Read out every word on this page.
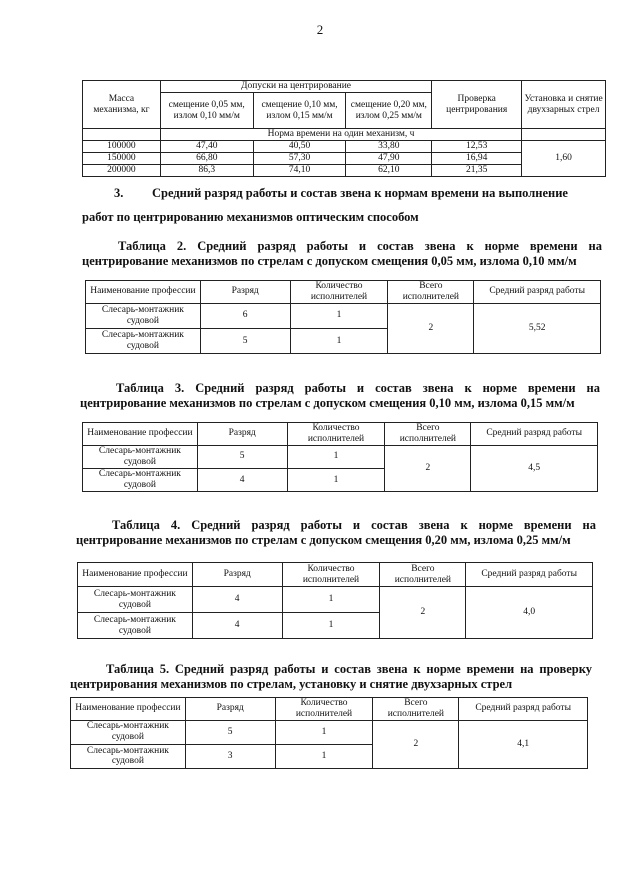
2
Масса механизма, кг	Допуски на центрирование			Проверка центрирования	Установка и снятие двухзарных стрел
	смещение 0,05 мм, излом 0,10 мм/м	смещение 0,10 мм, излом 0,15 мм/м	смещение 0,20 мм, излом 0,25 мм/м		
	Норма времени на один механизм, ч				
100000	47,40	40,50	33,80	12,53	1,60
150000	66,80	57,30	47,90	16,94	
200000	86,3	74,10	62,10	21,35	
3. Средний разряд работы и состав звена к нормам времени на выполнение
работ по центрированию механизмов оптическим способом
Таблица 2. Средний разряд работы и состав звена к норме времени на центрирование механизмов по стрелам с допуском смещения 0,05 мм, излома 0,10 мм/м
Наименование профессии	Разряд	Количество исполнителей	Всего исполнителей	Средний разряд работы
Слесарь-монтажник судовой	6	1	2	5,52
Слесарь-монтажник судовой	5	1		
Таблица 3. Средний разряд работы и состав звена к норме времени на центрирование механизмов по стрелам с допуском смещения 0,10 мм, излома 0,15 мм/м
Наименование профессии	Разряд	Количество исполнителей	Всего исполнителей	Средний разряд работы
Слесарь-монтажник судовой	5	1	2	4,5
Слесарь-монтажник судовой	4	1		
Таблица 4. Средний разряд работы и состав звена к норме времени на центрирование механизмов по стрелам с допуском смещения 0,20 мм, излома 0,25 мм/м
Наименование профессии	Разряд	Количество исполнителей	Всего исполнителей	Средний разряд работы
Слесарь-монтажник судовой	4	1	2	4,0
Слесарь-монтажник судовой	4	1		
Таблица 5. Средний разряд работы и состав звена к норме времени на проверку центрирования механизмов по стрелам, установку и снятие двухзарных стрел
Наименование профессии	Разряд	Количество исполнителей	Всего исполнителей	Средний разряд работы
Слесарь-монтажник судовой	5	1	2	4,1
Слесарь-монтажник судовой	3	1		
